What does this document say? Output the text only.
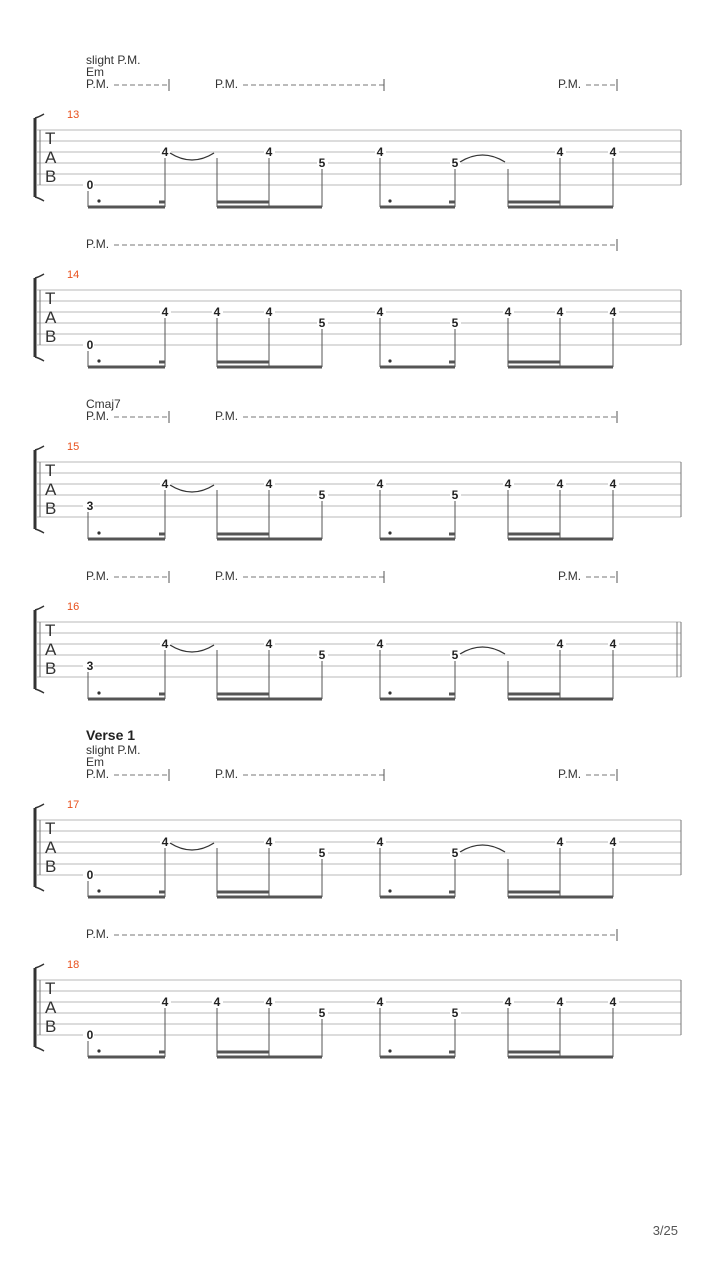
Em
slight P.M.
P.M.	P.M.	P.M.
13
T
A
B	0
4	4
5
4
5
4	4
P.M.
14
T
A
B	0
4	4	4
5
4
5
4	4	4
Cmaj7
P.M.	P.M.
15
T
A
B	3
4	4
5
4
5
4	4	4
P.M.	P.M.	P.M.
16
T
A
B	3
4	4
5
4
5
4	4
Em
slight P.M.
Verse 1
P.M.	P.M.	P.M.
17
T
A
B	0
4	4
5
4
5
4	4
P.M.
18
T
A
B	0
4	4	4
5
4
5
4	4	4
3/25
